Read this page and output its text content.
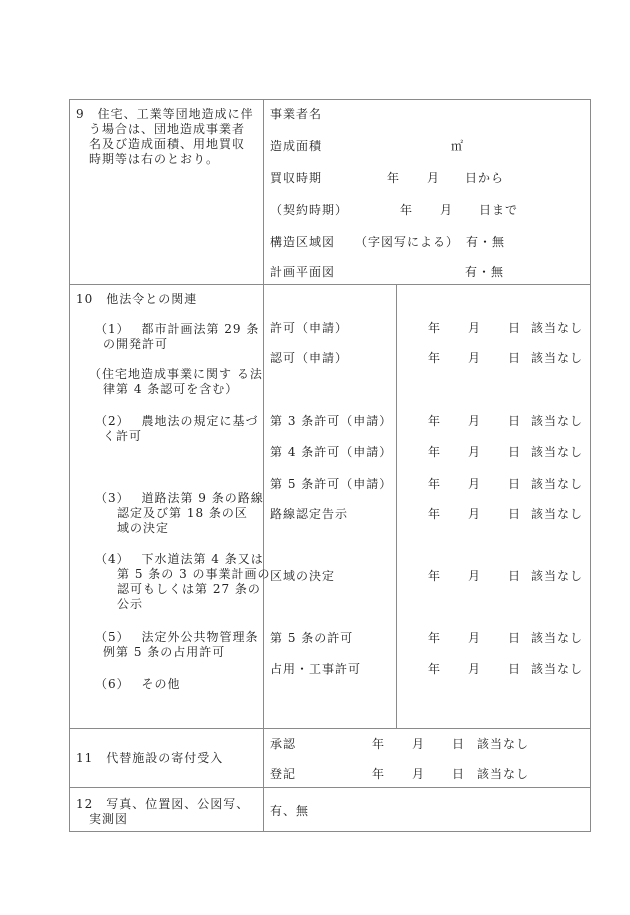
9　住宅、工業等団地造成に伴
う場合は、団地造成事業者
名及び造成面積、用地買収
時期等は右のとおり。
事業者名
造成面積	㎡
買収時期	年 月 日から
（契約時期）	年 月 日まで
構造区域図　　（字図写による）　有・無
計画平面図	有・無
10　他法令との関連
（1）　 都市計画法第 29 条
の開発許可
（住宅地造成事業に関す る法
律第 4 条認可を含む）
（2）　 農地法の規定に基づ
く許可
（3）　 道路法第 9 条の路線
認定及び第 18 条の区
域の決定
（4）　 下水道法第 4 条又は
第 5 条の 3 の事業計画の
認可もしくは第 27 条の
公示
（5）　 法定外公共物管理条
例第 5 条の占用許可
（6）　 その他
許可（申請）	年 月 日 該当なし
認可（申請）	年 月 日 該当なし
第 3 条許可（申請）	年 月 日 該当なし
第 4 条許可（申請）	年 月 日 該当なし
第 5 条許可（申請）	年 月 日 該当なし
路線認定告示	年 月 日 該当なし
区域の決定	年 月 日 該当なし
第 5 条の許可	年 月 日 該当なし
占用・工事許可	年 月 日 該当なし
11　代替施設の寄付受入
承認	年 月 日 該当なし
登記	年 月 日 該当なし
12　写真、位置図、公図写、
実測図
有、無
